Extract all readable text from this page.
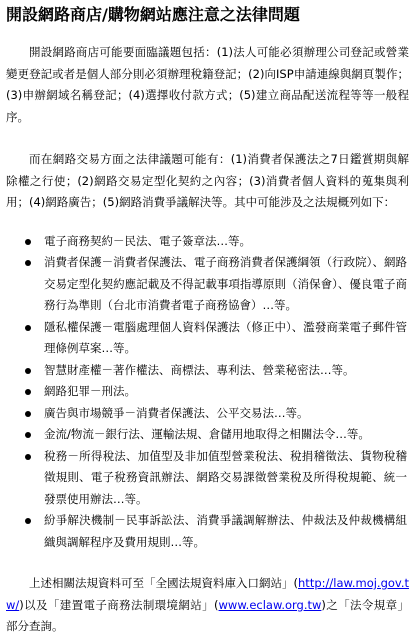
開設網路商店/購物網站應注意之法律問題

開設網路商店可能要面臨議題包括：(1)法人可能必須辦理公司登記或營業變更登記或者是個人部分則必須辦理稅籍登記；(2)向ISP申請連線與網頁製作；(3)申辦網域名稱登記；(4)選擇收付款方式；(5)建立商品配送流程等等一般程序。

而在網路交易方面之法律議題可能有：(1)消費者保護法之7日鑑賞期與解除權之行使；(2)網路交易定型化契約之內容；(3)消費者個人資料的蒐集與利用；(4)網路廣告；(5)網路消費爭議解決等。其中可能涉及之法規概列如下：

電子商務契約－民法、電子簽章法…等。
消費者保護－消費者保護法、電子商務消費者保護綱領（行政院）、網路交易定型化契約應記載及不得記載事項指導原則（消保會）、優良電子商務行為準則（台北市消費者電子商務協會）…等。
隱私權保護－電腦處理個人資料保護法（修正中）、濫發商業電子郵件管理條例草案…等。
智慧財產權－著作權法、商標法、專利法、營業秘密法…等。
網路犯罪－刑法。
廣告與市場競爭－消費者保護法、公平交易法…等。
金流/物流－銀行法、運輸法規、倉儲用地取得之相關法令…等。
稅務－所得稅法、加值型及非加值型營業稅法、稅捐稽徵法、貨物稅稽徵規則、電子稅務資訊辦法、網路交易課徵營業稅及所得稅規範、統一發票使用辦法…等。
紛爭解決機制－民事訴訟法、消費爭議調解辦法、仲裁法及仲裁機構組織與調解程序及費用規則…等。

上述相關法規資料可至「全國法規資料庫入口網站」(http://law.moj.gov.tw/)以及「建置電子商務法制環境網站」(www.eclaw.org.tw)之「法令規章」部分查詢。
